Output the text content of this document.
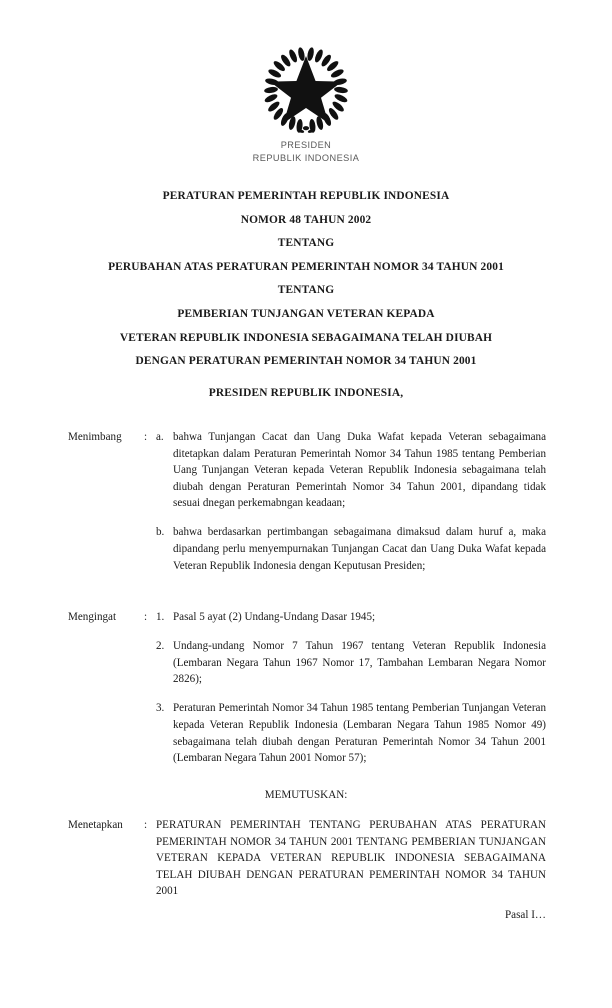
PRESIDEN
REPUBLIK INDONESIA
PERATURAN PEMERINTAH REPUBLIK INDONESIA
NOMOR 48 TAHUN 2002
TENTANG
PERUBAHAN ATAS PERATURAN PEMERINTAH NOMOR 34 TAHUN 2001
TENTANG
PEMBERIAN TUNJANGAN VETERAN KEPADA
VETERAN REPUBLIK INDONESIA SEBAGAIMANA TELAH DIUBAH
DENGAN PERATURAN PEMERINTAH NOMOR 34 TAHUN 2001
PRESIDEN REPUBLIK INDONESIA,
Menimbang	: a. bahwa Tunjangan Cacat dan Uang Duka Wafat kepada Veteran sebagaimana ditetapkan dalam Peraturan Pemerintah Nomor 34 Tahun 1985 tentang Pemberian Uang Tunjangan Veteran kepada Veteran Republik Indonesia sebagaimana telah diubah dengan Peraturan Pemerintah Nomor 34 Tahun 2001, dipandang tidak sesuai dnegan perkemabngan keadaan;
b. bahwa berdasarkan pertimbangan sebagaimana dimaksud dalam huruf a, maka dipandang perlu menyempurnakan Tunjangan Cacat dan Uang Duka Wafat kepada Veteran Republik Indonesia dengan Keputusan Presiden;
Mengingat	: 1. Pasal 5 ayat (2) Undang-Undang Dasar 1945;
2. Undang-undang Nomor 7 Tahun 1967 tentang Veteran Republik Indonesia (Lembaran Negara Tahun 1967 Nomor 17, Tambahan Lembaran Negara Nomor 2826);
3. Peraturan Pemerintah Nomor 34 Tahun 1985 tentang Pemberian Tunjangan Veteran kepada Veteran Republik Indonesia (Lembaran Negara Tahun 1985 Nomor 49) sebagaimana telah diubah dengan Peraturan Pemerintah Nomor 34 Tahun 2001 (Lembaran Negara Tahun 2001 Nomor 57);
MEMUTUSKAN:
Menetapkan	: PERATURAN PEMERINTAH TENTANG PERUBAHAN ATAS PERATURAN PEMERINTAH NOMOR 34 TAHUN 2001 TENTANG PEMBERIAN TUNJANGAN VETERAN KEPADA VETERAN REPUBLIK INDONESIA SEBAGAIMANA TELAH DIUBAH DENGAN PERATURAN PEMERINTAH NOMOR 34 TAHUN 2001
Pasal I…
